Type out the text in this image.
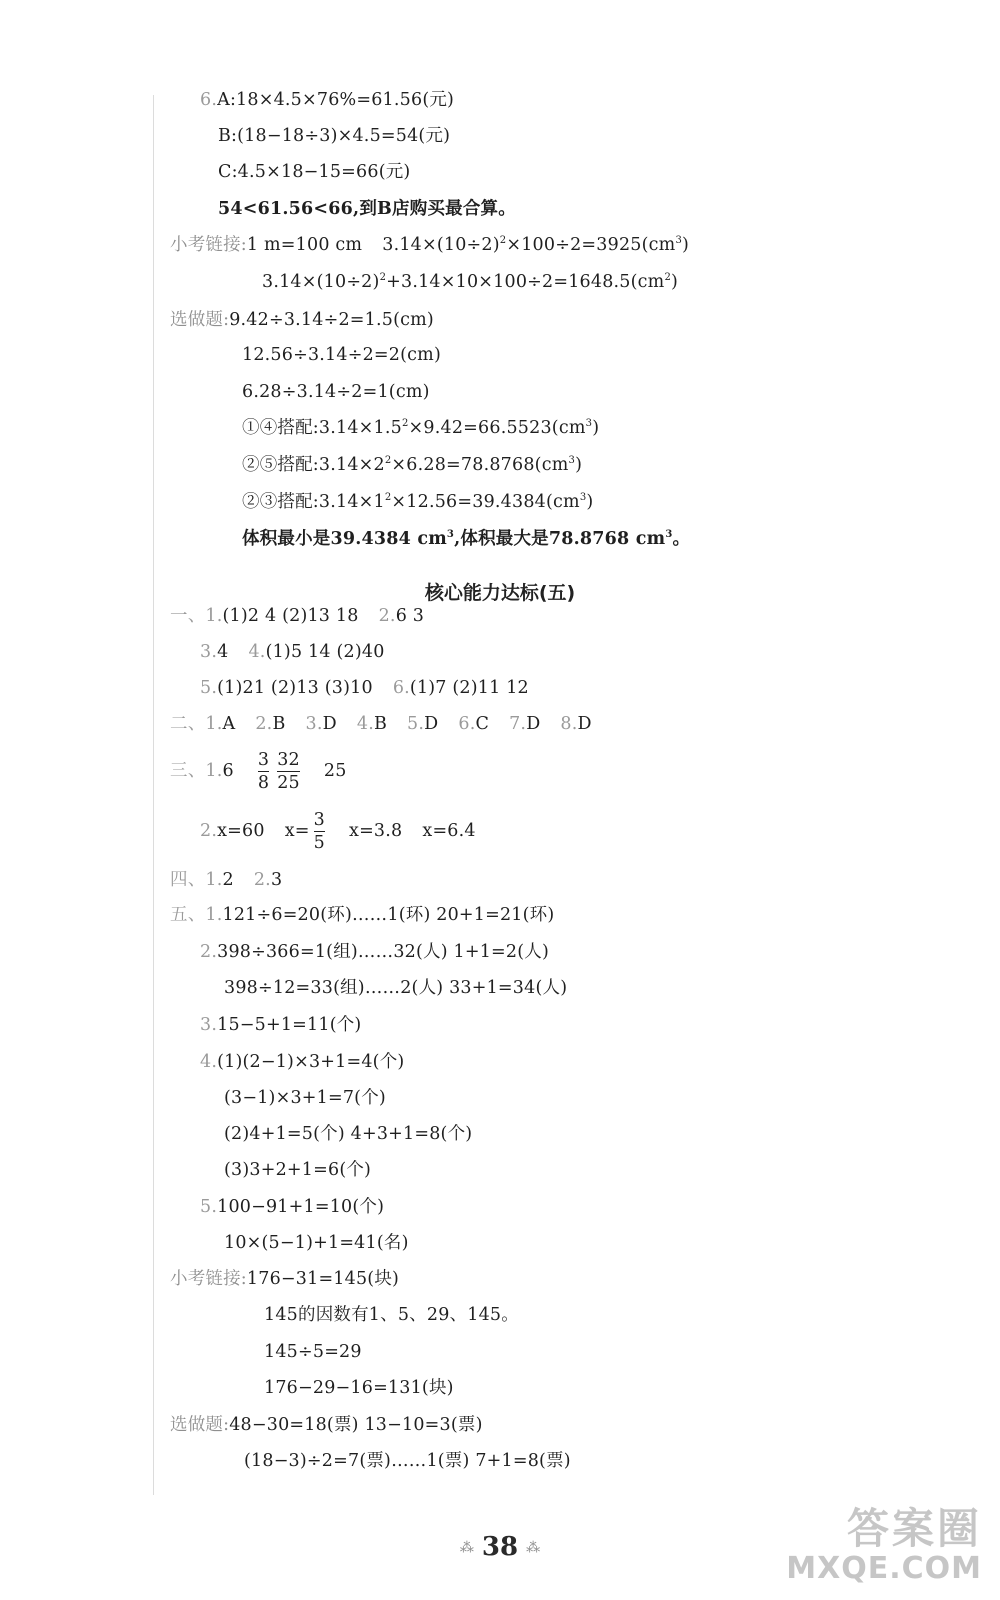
6.A:18×4.5×76%=61.56(元)
B:(18−18÷3)×4.5=54(元)
C:4.5×18−15=66(元)
54<61.56<66,到B店购买最合算。
小考链接:1 m=100 cm $3.14\times(10\div 2)^2\times 100\div 2=3925(cm^3)$
$3.14\times(10\div 2)^2+3.14\times 10\times 100\div 2=1648.5(cm^2)$
选做题:9.42÷3.14÷2=1.5(cm)
12.56÷3.14÷2=2(cm)
6.28÷3.14÷2=1(cm)
①④搭配$:3.14\times 1.5^2\times 9.42=66.5523(cm^3)$
②⑤搭配$:3.14\times 2^2\times 6.28=78.8768(cm^3)$
②③搭配$:3.14\times 1^2\times 12.56=39.4384(cm^3)$
体积最小是39.4384 $cm^3$,体积最大是78.8768 $cm^3$。
核心能力达标(五)
一、1.(1)2 4 (2)13 18 2.6 3
3.4 4.(1)5 14 (2)40
5.(1)21 (2)13 (3)10 6.(1)7 (2)11 12
二、1.A 2.B 3.D 4.B 5.D 6.C 7.D 8.D
三、$1.6 \frac{3}{8} \frac{32}{25} 25$
2.x=60 $x= \frac{3}{5} x=3.8$ x=6.4
四、1.2 2.3
五、1.121÷6=20(环)……1(环) 20+1=21(环)
2.398÷366=1(组)……32(人) 1+1=2(人)
398÷12=33(组)……2(人) 33+1=34(人)
3.15−5+1=11(个)
4.(1)(2−1)×3+1=4(个)
(3−1)×3+1=7(个)
(2)4+1=5(个) 4+3+1=8(个)
(3)3+2+1=6(个)
5.100−91+1=10(个)
10×(5−1)+1=41(名)
小考链接:176−31=145(块)
145的因数有1、5、29、145。
145÷5=29
176−29−16=131(块)
选做题:48−30=18(票) 13−10=3(票)
(18−3)÷2=7(票)……1(票) 7+1=8(票)
⁂ 38 ⁂	答案圈
MXQE.COM
